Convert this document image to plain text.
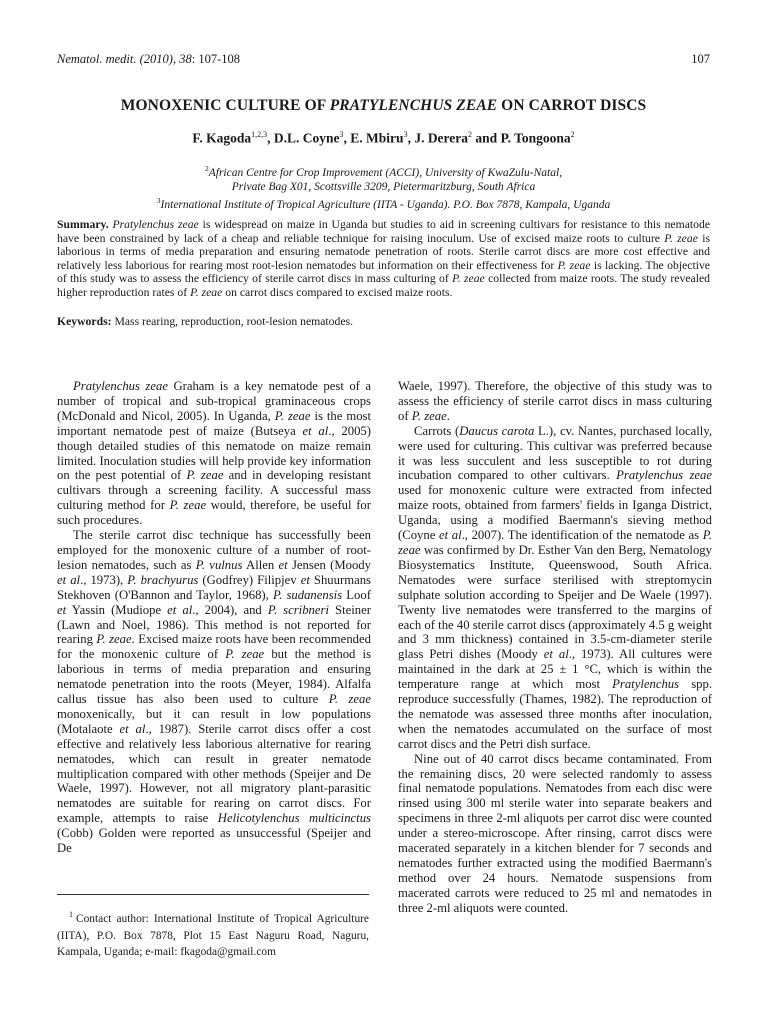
Nematol. medit. (2010), 38: 107-108	107
MONOXENIC CULTURE OF PRATYLENCHUS ZEAE ON CARROT DISCS
F. Kagoda$^{1,2,3}$, D.L. Coyne$^3$, E. Mbiru$^3$, J. Derera$^2$ and P. Tongoona$^2$
$^2$African Centre for Crop Improvement (ACCI), University of KwaZulu-Natal,
Private Bag X01, Scottsville 3209, Pietermaritzburg, South Africa
$^3$International Institute of Tropical Agriculture (IITA - Uganda). P.O. Box 7878, Kampala, Uganda
Summary. Pratylenchus zeae is widespread on maize in Uganda but studies to aid in screening cultivars for resistance to this nematode have been constrained by lack of a cheap and reliable technique for raising inoculum. Use of excised maize roots to culture P. zeae is laborious in terms of media preparation and ensuring nematode penetration of roots. Sterile carrot discs are more cost effective and relatively less laborious for rearing most root-lesion nematodes but information on their effectiveness for P. zeae is lacking. The objective of this study was to assess the efficiency of sterile carrot discs in mass culturing of P. zeae collected from maize roots. The study revealed higher reproduction rates of P. zeae on carrot discs compared to excised maize roots.
Keywords: Mass rearing, reproduction, root-lesion nematodes.

Pratylenchus zeae Graham is a key nematode pest of a number of tropical and sub-tropical graminaceous crops (McDonald and Nicol, 2005). In Uganda, P. zeae is the most important nematode pest of maize (Butseya et al., 2005) though detailed studies of this nematode on maize remain limited. Inoculation studies will help provide key information on the pest potential of P. zeae and in developing resistant cultivars through a screening facility. A successful mass culturing method for P. zeae would, therefore, be useful for such procedures.

The sterile carrot disc technique has successfully been employed for the monoxenic culture of a number of root-lesion nematodes, such as P. vulnus Allen et Jensen (Moody et al., 1973), P. brachyurus (Godfrey) Filipjev et Shuurmans Stekhoven (O'Bannon and Taylor, 1968), P. sudanensis Loof et Yassin (Mudiope et al., 2004), and P. scribneri Steiner (Lawn and Noel, 1986). This method is not reported for rearing P. zeae. Excised maize roots have been recommended for the monoxenic culture of P. zeae but the method is laborious in terms of media preparation and ensuring nematode penetration into the roots (Meyer, 1984). Alfalfa callus tissue has also been used to culture P. zeae monoxenically, but it can result in low populations (Motalaote et al., 1987). Sterile carrot discs offer a cost effective and relatively less laborious alternative for rearing nematodes, which can result in greater nematode multiplication compared with other methods (Speijer and De Waele, 1997). However, not all migratory plant-parasitic nematodes are suitable for rearing on carrot discs. For example, attempts to raise Helicotylenchus multicinctus (Cobb) Golden were reported as unsuccessful (Speijer and De

Waele, 1997). Therefore, the objective of this study was to assess the efficiency of sterile carrot discs in mass culturing of P. zeae.

Carrots (Daucus carota L.), cv. Nantes, purchased locally, were used for culturing. This cultivar was preferred because it was less succulent and less susceptible to rot during incubation compared to other cultivars. Pratylenchus zeae used for monoxenic culture were extracted from infected maize roots, obtained from farmers' fields in Iganga District, Uganda, using a modified Baermann's sieving method (Coyne et al., 2007). The identification of the nematode as P. zeae was confirmed by Dr. Esther Van den Berg, Nematology Biosystematics Institute, Queenswood, South Africa. Nematodes were surface sterilised with streptomycin sulphate solution according to Speijer and De Waele (1997). Twenty live nematodes were transferred to the margins of each of the 40 sterile carrot discs (approximately 4.5 g weight and 3 mm thickness) contained in 3.5-cm-diameter sterile glass Petri dishes (Moody et al., 1973). All cultures were maintained in the dark at 25 ± 1 °C, which is within the temperature range at which most Pratylenchus spp. reproduce successfully (Thames, 1982). The reproduction of the nematode was assessed three months after inoculation, when the nematodes accumulated on the surface of most carrot discs and the Petri dish surface.

Nine out of 40 carrot discs became contaminated. From the remaining discs, 20 were selected randomly to assess final nematode populations. Nematodes from each disc were rinsed using 300 ml sterile water into separate beakers and specimens in three 2-ml aliquots per carrot disc were counted under a stereo-microscope. After rinsing, carrot discs were macerated separately in a kitchen blender for 7 seconds and nematodes further extracted using the modified Baermann's method over 24 hours. Nematode suspensions from macerated carrots were reduced to 25 ml and nematodes in three 2-ml aliquots were counted.

$^1$ Contact author: International Institute of Tropical Agriculture (IITA), P.O. Box 7878, Plot 15 East Naguru Road, Naguru, Kampala, Uganda; e-mail: fkagoda@gmail.com
